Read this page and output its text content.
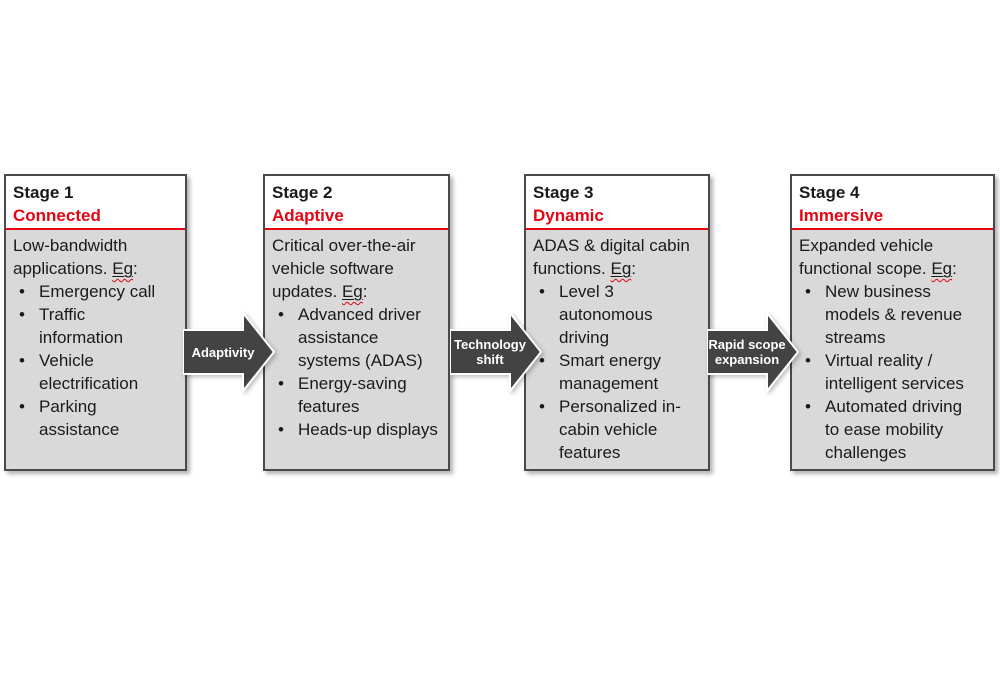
Stage 1
Connected
Low-bandwidth applications. Eg:
• Emergency call
• Traffic information
• Vehicle electrification
• Parking assistance
Adaptivity
Stage 2
Adaptive
Critical over-the-air vehicle software updates. Eg:
• Advanced driver assistance systems (ADAS)
• Energy-saving features
• Heads-up displays
Technology shift
Stage 3
Dynamic
ADAS & digital cabin functions. Eg:
• Level 3 autonomous driving
• Smart energy management
• Personalized in-cabin vehicle features
Rapid scope expansion
Stage 4
Immersive
Expanded vehicle functional scope. Eg:
• New business models & revenue streams
• Virtual reality / intelligent services
• Automated driving to ease mobility challenges
